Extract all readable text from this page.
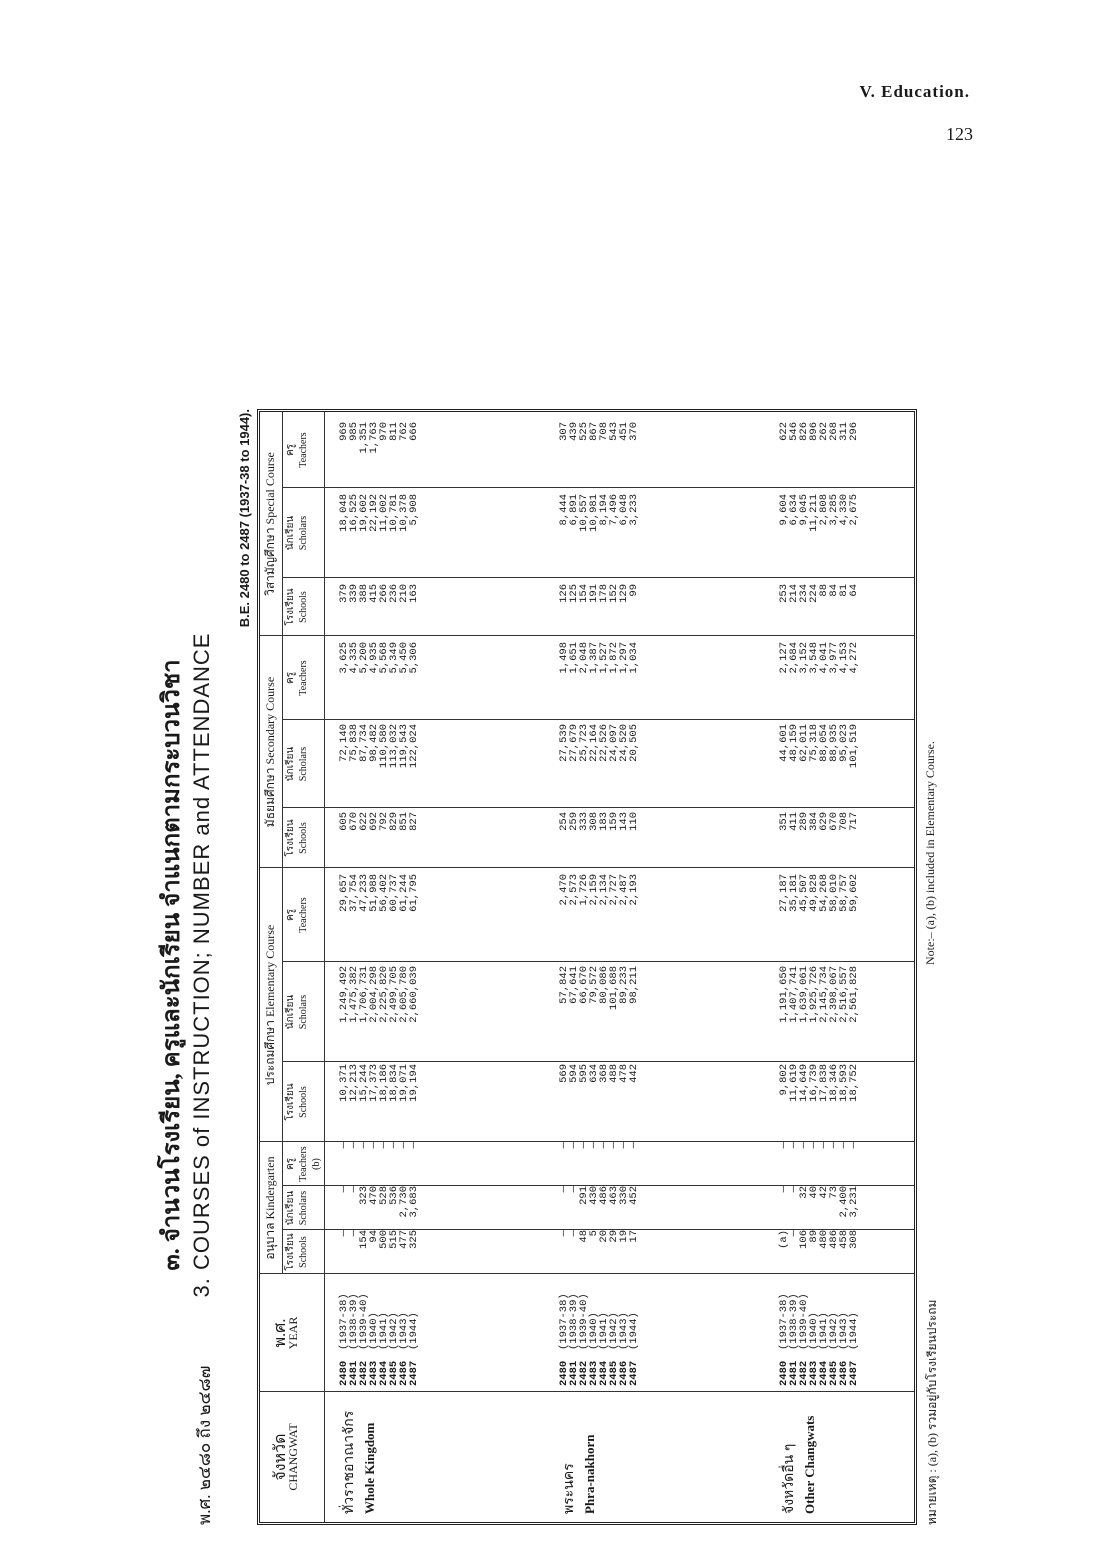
V. Education.
123
๓. จำนวนโรงเรียน, ครูและนักเรียน จำแนกตามกระบวนวิชา
พ.ศ. ๒๔๘๐ ถึง ๒๔๘๗
3. COURSES of INSTRUCTION; NUMBER and ATTENDANCE
B.E. 2480 to 2487 (1937-38 to 1944).
จังหวัด
CHANGWAT
พ.ศ.
YEAR
อนุบาล Kindergarten
ประถมศึกษา Elementary Course
มัธยมศึกษา Secondary Course
วิสามัญศึกษา Special Course
โรงเรียน Schools
นักเรียน Scholars
ครู Teachers (b)
โรงเรียน Schools
นักเรียน Scholars
ครู Teachers
โรงเรียน Schools
นักเรียน Scholars
ครู Teachers
โรงเรียน Schools
นักเรียน Scholars
ครู Teachers
ทั่วราชอาณาจักร Whole Kingdom
2480
(1937-38)
—
—
—
10,371
1,249,492
29,657
605
72,140
3,625
379
18,048
969
2481
(1938-39)
—
—
—
12,213
1,475,382
37,754
670
75,838
4,335
339
16,525
985
2482
(1939-40)
154
323
—
15,244
1,706,731
47,233
622
87,734
5,200
388
19,602
1,351
2483
(1940)
94
470
—
17,373
2,004,298
51,988
692
98,482
4,935
415
22,192
1,763
2484
(1941)
500
528
—
18,186
2,225,820
56,402
792
110,580
5,568
266
11,002
970
2485
(1942)
515
536
—
18,834
2,499,705
60,737
829
113,032
5,349
236
10,781
811
2486
(1943)
477
2,730
—
19,071
2,605,780
61,244
851
119,543
5,450
210
10,378
762
2487
(1944)
325
3,683
—
19,194
2,660,039
61,795
827
122,024
5,306
163
5,908
666
พระนคร Phra-nakhorn
2480
(1937-38)
—
—
—
569
57,842
2,470
254
27,539
1,498
126
8,444
307
2481
(1938-39)
—
—
—
594
67,641
2,573
259
27,679
1,651
125
6,891
439
2482
(1939-40)
48
291
—
595
66,670
1,726
333
25,723
2,048
154
10,557
525
2483
(1940)
5
430
—
634
79,572
2,159
308
22,164
1,387
191
10,981
867
2484
(1941)
20
486
—
368
80,086
2,134
183
22,526
1,527
178
8,194
708
2485
(1942)
29
463
—
488
101,688
2,727
159
24,097
1,872
152
7,496
543
2486
(1943)
19
330
—
478
89,233
2,487
143
24,520
1,297
129
6,048
451
2487
(1944)
17
452
—
442
98,211
2,193
110
20,505
1,034
99
3,233
370
จังหวัดอื่น ๆ Other Changwats
2480
(1937-38)
(a)
—
—
9,802
1,191,650
27,187
351
44,601
2,127
253
9,604
622
2481
(1938-39)
—
—
—
11,619
1,407,741
35,181
411
48,159
2,684
214
6,634
546
2482
(1939-40)
106
32
—
14,649
1,639,061
45,507
289
62,011
3,152
234
9,045
826
2483
(1940)
89
40
—
16,739
1,925,726
49,828
384
75,318
3,548
224
11,211
896
2484
(1941)
480
42
—
17,838
2,145,734
54,268
629
88,054
4,041
88
2,808
262
2485
(1942)
486
73
—
18,346
2,398,067
58,010
670
88,935
3,977
84
3,285
268
2486
(1943)
458
2,400
—
18,593
2,516,557
58,757
708
95,023
4,153
81
4,330
311
2487
(1944)
308
3,231
—
18,752
2,561,828
59,602
717
101,519
4,272
64
2,675
296
หมายเหตุ : (a), (b) รวมอยู่กับโรงเรียนประถม
Note:– (a), (b) included in Elementary Course.
